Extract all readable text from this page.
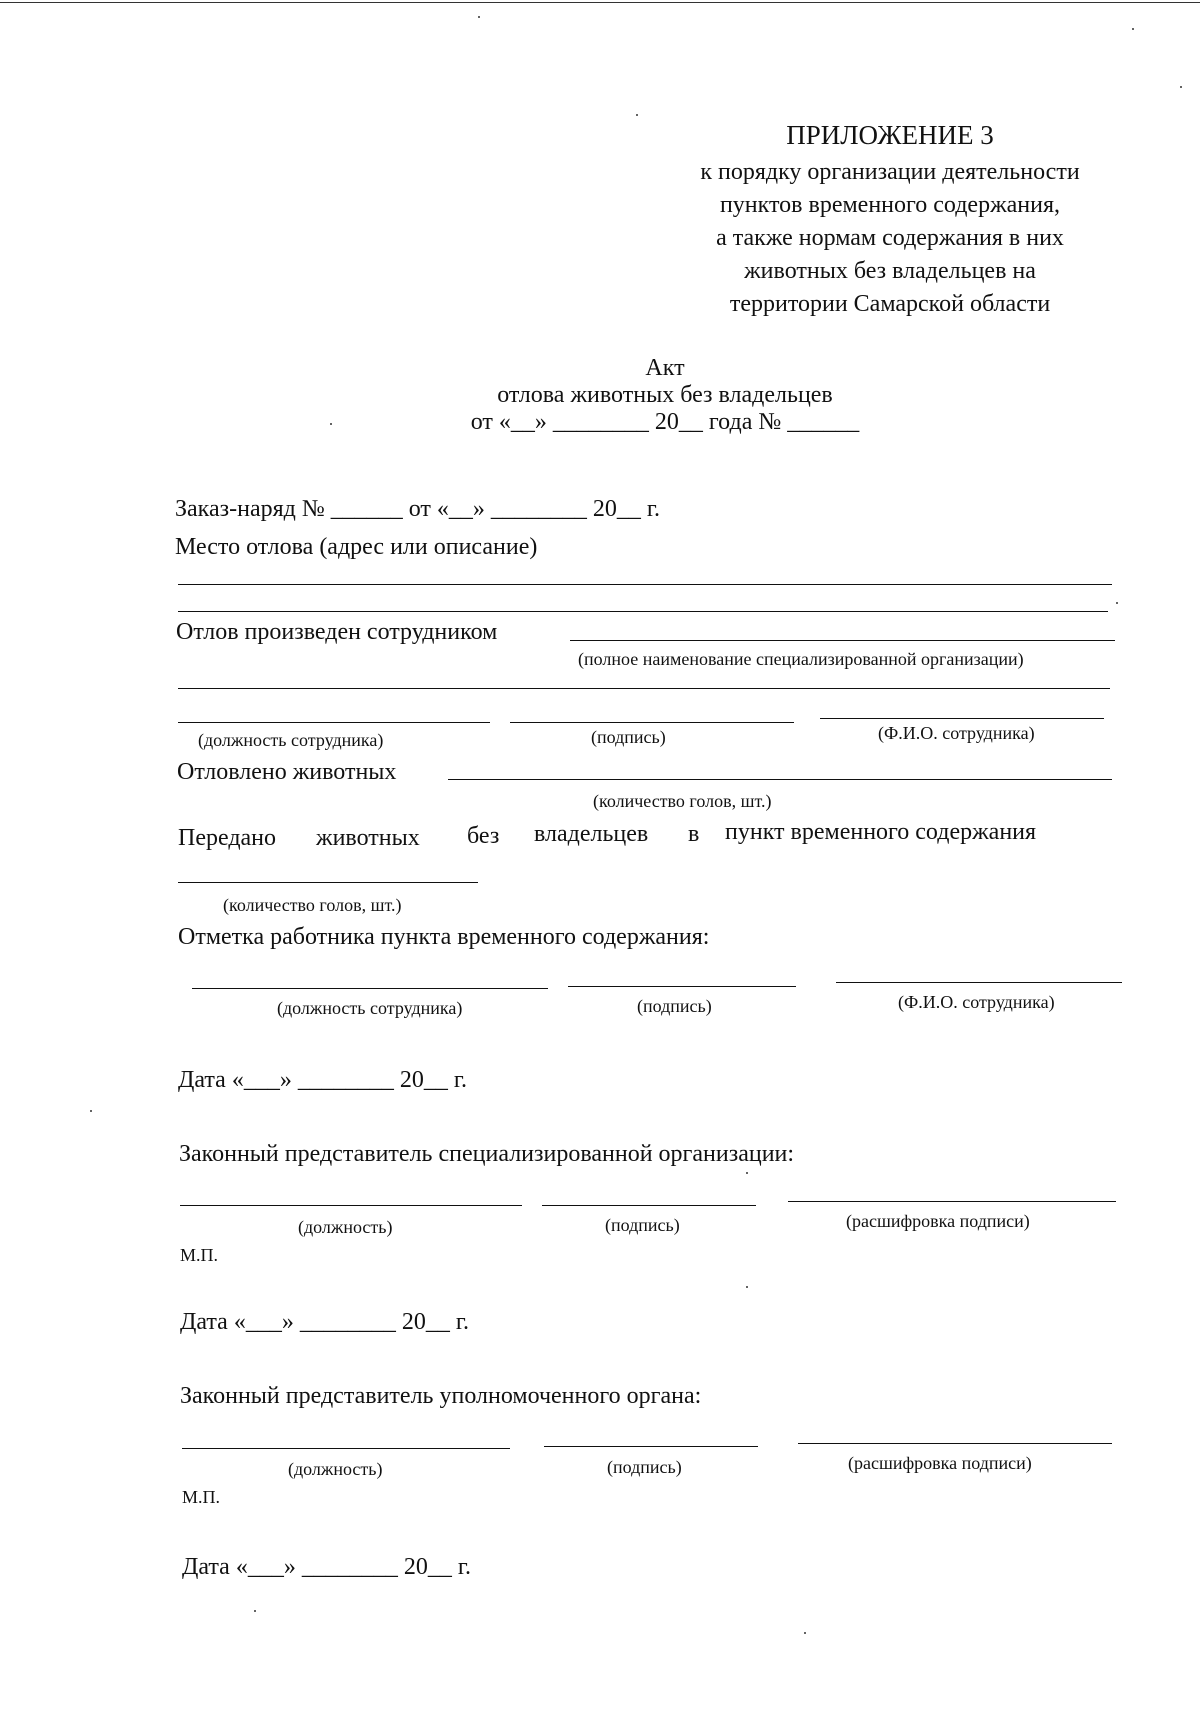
ПРИЛОЖЕНИЕ 3
к порядку организации деятельности
пунктов временного содержания,
а также нормам содержания в них
животных без владельцев на
территории Самарской области
Акт
отлова животных без владельцев
от «__» ________ 20__ года № ______
Заказ-наряд № ______ от «__» ________ 20__ г.
Место отлова (адрес или описание)
Отлов произведен сотрудником
(полное наименование специализированной организации)
(должность сотрудника)	(подпись)	(Ф.И.О. сотрудника)
Отловлено животных
(количество голов, шт.)
Передано животных без владельцев в пункт временного содержания
(количество голов, шт.)
Отметка работника пункта временного содержания:
(должность сотрудника)	(подпись)	(Ф.И.О. сотрудника)
Дата «___» ________ 20__ г.
Законный представитель специализированной организации:
(должность)	(подпись)	(расшифровка подписи)
М.П.
Дата «___» ________ 20__ г.
Законный представитель уполномоченного органа:
(должность)	(подпись)	(расшифровка подписи)
М.П.
Дата «___» ________ 20__ г.
